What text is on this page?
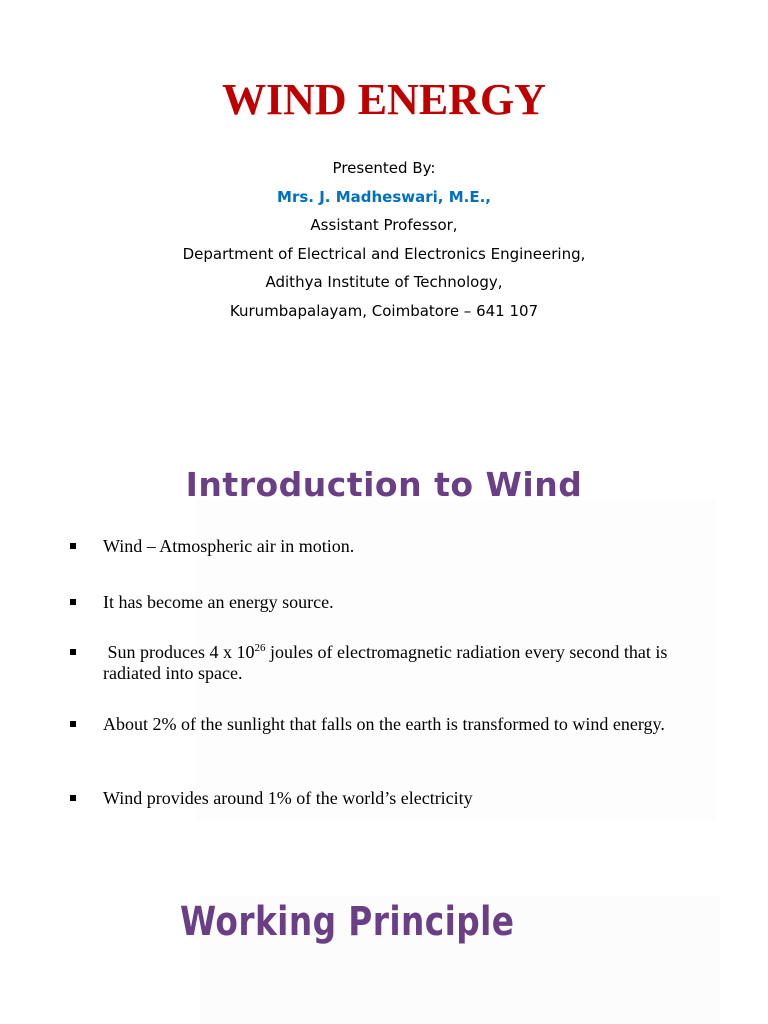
WIND ENERGY
Presented By:
Mrs. J. Madheswari, M.E.,
Assistant Professor,
Department of Electrical and Electronics Engineering,
Adithya Institute of Technology,
Kurumbapalayam, Coimbatore – 641 107
Introduction to Wind
Wind – Atmospheric air in motion.
It has become an energy source.
Sun produces 4 x $10^{26}$ joules of electromagnetic radiation every second that is radiated into space.
About 2% of the sunlight that falls on the earth is transformed to wind energy.
Wind provides around 1% of the world’s electricity
Working Principle
